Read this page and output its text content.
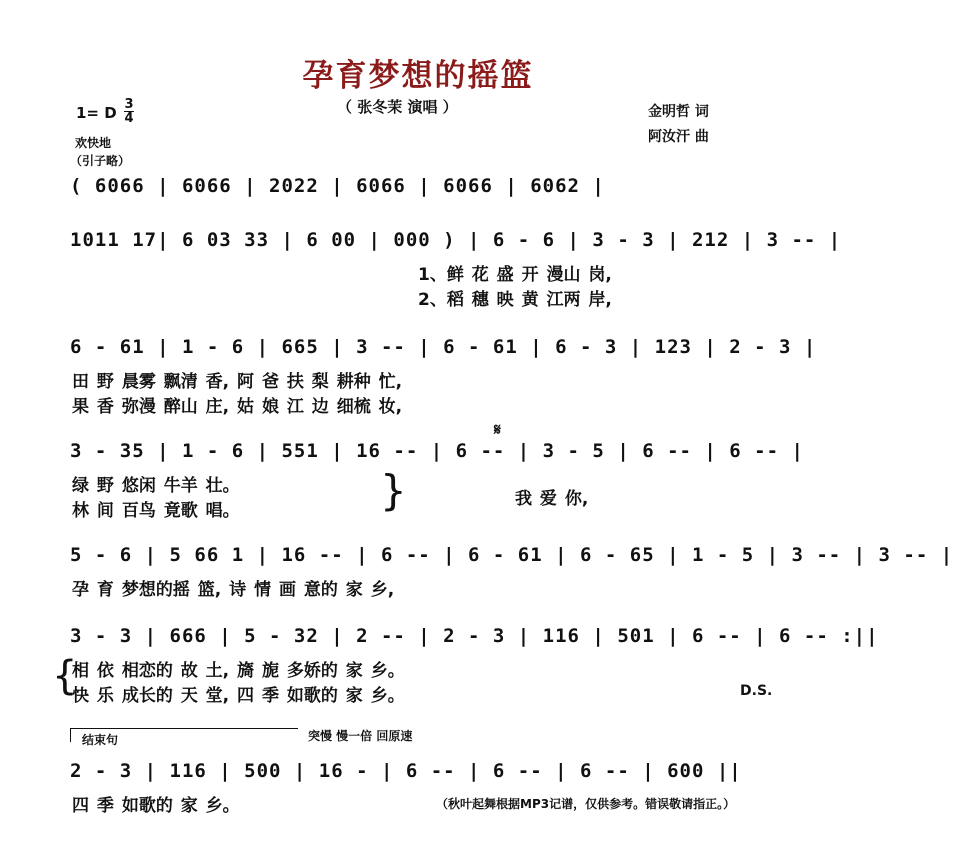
孕育梦想的摇篮
（ 张冬茉 演唱 ）	金明哲 词
阿汝汗 曲
1= D 3
4
欢快地
（引子略）
( 6066 | 6066 | 2022 | 6066 | 6066 | 6062 |
1011 17| 6 03 33 | 6 00 | 000 ) | 6 - 6 | 3 - 3 | 212 | 3 -- |
1、鲜 花 盛 开 漫山 岗,
2、稻 穗 映 黄 江两 岸,
6 - 61 | 1 - 6 | 665 | 3 -- | 6 - 61 | 6 - 3 | 123 | 2 - 3 |
田 野 晨雾 飘清 香, 阿 爸 扶 梨 耕种 忙,
果 香 弥漫 醉山 庄, 姑 娘 江 边 细梳 妆,
𝄋
3 - 35 | 1 - 6 | 551 | 16 -- | 6 -- | 3 - 5 | 6 -- | 6 -- |
绿 野 悠闲 牛羊 壮。
林 间 百鸟 竟歌 唱。	}	我 爱 你,
5 - 6 | 5 66 1 | 16 -- | 6 -- | 6 - 61 | 6 - 65 | 1 - 5 | 3 -- | 3 -- |
孕 育 梦想的摇 篮, 诗 情 画 意的 家 乡,
3 - 3 | 666 | 5 - 32 | 2 -- | 2 - 3 | 116 | 501 | 6 -- | 6 -- :||
{
相 依 相恋的 故 土, 旖 旎 多娇的 家 乡。
快 乐 成长的 天 堂, 四 季 如歌的 家 乡。	D.S.
结束句	突慢 慢一倍 回原速
2 - 3 | 116 | 500 | 16 - | 6 -- | 6 -- | 6 -- | 600 ||
四 季 如歌的 家 乡。	（秋叶起舞根据MP3记谱，仅供参考。错误敬请指正。）
